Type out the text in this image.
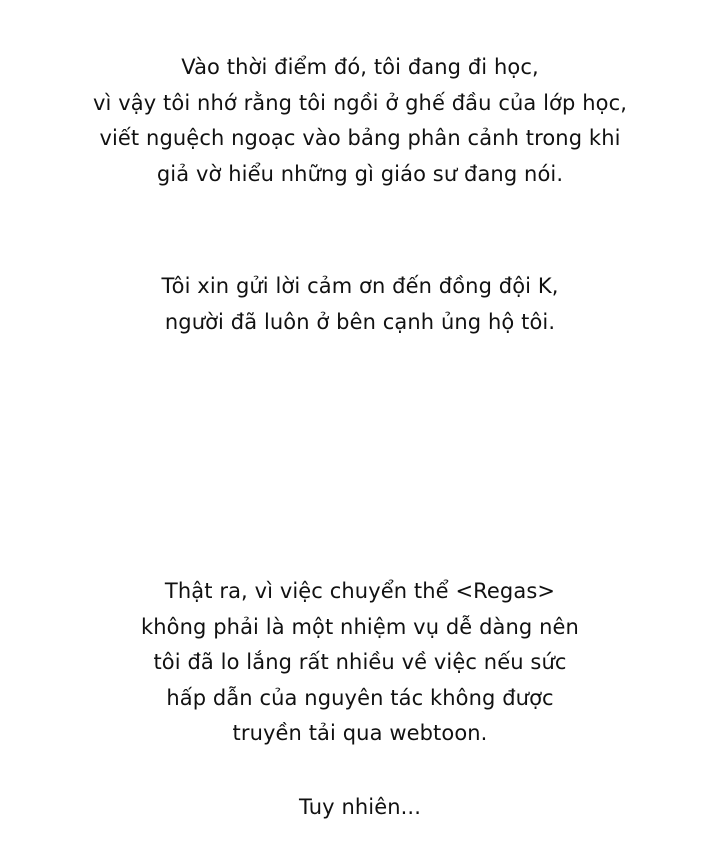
Vào thời điểm đó, tôi đang đi học,
vì vậy tôi nhớ rằng tôi ngồi ở ghế đầu của lớp học,
viết nguệch ngoạc vào bảng phân cảnh trong khi
giả vờ hiểu những gì giáo sư đang nói.
Tôi xin gửi lời cảm ơn đến đồng đội K,
người đã luôn ở bên cạnh ủng hộ tôi.
Thật ra, vì việc chuyển thể <Regas>
không phải là một nhiệm vụ dễ dàng nên
tôi đã lo lắng rất nhiều về việc nếu sức
hấp dẫn của nguyên tác không được
truyền tải qua webtoon.
Tuy nhiên...
